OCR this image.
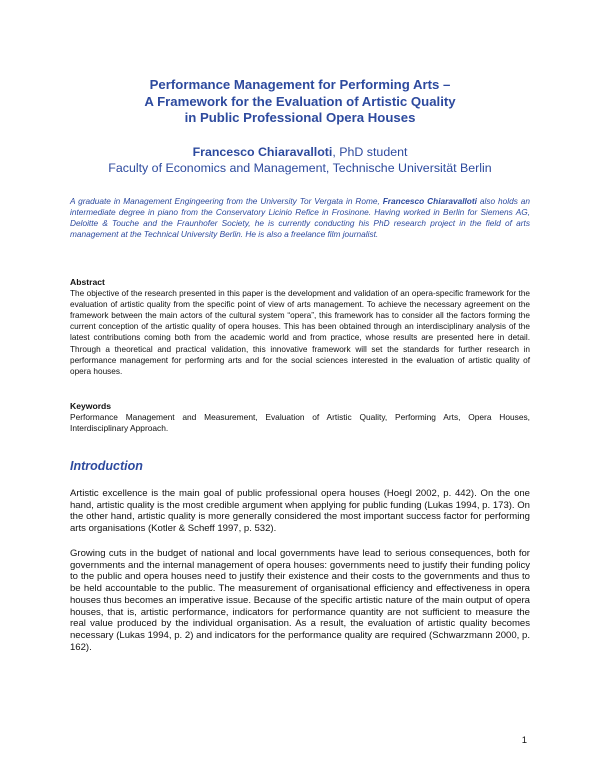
Performance Management for Performing Arts –
A Framework for the Evaluation of Artistic Quality
in Public Professional Opera Houses
Francesco Chiaravalloti, PhD student
Faculty of Economics and Management, Technische Universität Berlin
A graduate in Management Engingeering from the University Tor Vergata in Rome, Francesco Chiaravalloti also holds an intermediate degree in piano from the Conservatory Licinio Refice in Frosinone. Having worked in Berlin for Siemens AG, Deloitte & Touche and the Fraunhofer Society, he is currently conducting his PhD research project in the field of arts management at the Technical University Berlin. He is also a freelance film journalist.
Abstract
The objective of the research presented in this paper is the development and validation of an opera-specific framework for the evaluation of artistic quality from the specific point of view of arts management. To achieve the necessary agreement on the framework between the main actors of the cultural system “opera”, this framework has to consider all the factors forming the current conception of the artistic quality of opera houses. This has been obtained through an interdisciplinary analysis of the latest contributions coming both from the academic world and from practice, whose results are presented here in detail. Through a theoretical and practical validation, this innovative framework will set the standards for further research in performance management for performing arts and for the social sciences interested in the evaluation of artistic quality of opera houses.
Keywords
Performance Management and Measurement, Evaluation of Artistic Quality, Performing Arts, Opera Houses, Interdisciplinary Approach.
Introduction
Artistic excellence is the main goal of public professional opera houses (Hoegl 2002, p. 442). On the one hand, artistic quality is the most credible argument when applying for public funding (Lukas 1994, p. 173). On the other hand, artistic quality is more generally considered the most important success factor for performing arts organisations (Kotler & Scheff 1997, p. 532).
Growing cuts in the budget of national and local governments have lead to serious consequences, both for governments and the internal management of opera houses: governments need to justify their funding policy to the public and opera houses need to justify their existence and their costs to the governments and thus to be held accountable to the public. The measurement of organisational efficiency and effectiveness in opera houses thus becomes an imperative issue. Because of the specific artistic nature of the main output of opera houses, that is, artistic performance, indicators for performance quantity are not sufficient to measure the real value produced by the individual organisation. As a result, the evaluation of artistic quality becomes necessary (Lukas 1994, p. 2) and indicators for the performance quality are required (Schwarzmann 2000, p. 162).
1
